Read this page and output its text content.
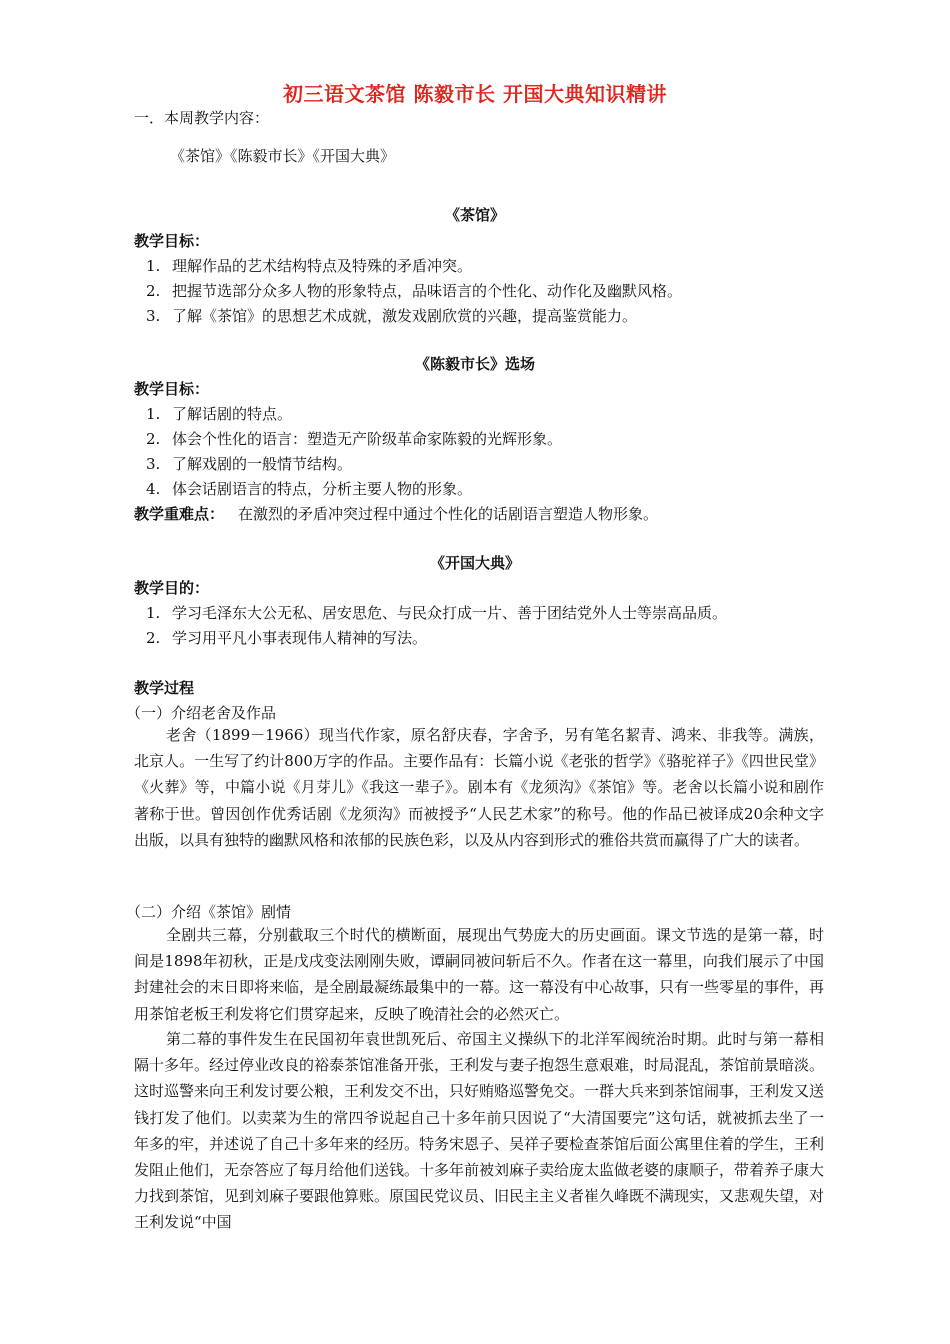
初三语文茶馆 陈毅市长 开国大典知识精讲
一．本周教学内容：
《茶馆》《陈毅市长》《开国大典》
《茶馆》
教学目标：
1. 理解作品的艺术结构特点及特殊的矛盾冲突。
2. 把握节选部分众多人物的形象特点，品味语言的个性化、动作化及幽默风格。
3. 了解《茶馆》的思想艺术成就，激发戏剧欣赏的兴趣，提高鉴赏能力。
《陈毅市长》选场
教学目标：
1. 了解话剧的特点。
2. 体会个性化的语言：塑造无产阶级革命家陈毅的光辉形象。
3. 了解戏剧的一般情节结构。
4. 体会话剧语言的特点，分析主要人物的形象。
教学重难点： 在激烈的矛盾冲突过程中通过个性化的话剧语言塑造人物形象。
《开国大典》
教学目的：
1. 学习毛泽东大公无私、居安思危、与民众打成一片、善于团结党外人士等崇高品质。
2. 学习用平凡小事表现伟人精神的写法。
教学过程
（一）介绍老舍及作品
老舍（1899－1966）现当代作家，原名舒庆春，字舍予，另有笔名絜青、鸿来、非我等。满族，北京人。一生写了约计800万字的作品。主要作品有：长篇小说《老张的哲学》《骆驼祥子》《四世民堂》《火葬》等，中篇小说《月芽儿》《我这一辈子》。剧本有《龙须沟》《茶馆》等。老舍以长篇小说和剧作著称于世。曾因创作优秀话剧《龙须沟》而被授予“人民艺术家”的称号。他的作品已被译成20余种文字出版，以具有独特的幽默风格和浓郁的民族色彩，以及从内容到形式的雅俗共赏而赢得了广大的读者。
（二）介绍《茶馆》剧情
全剧共三幕，分别截取三个时代的横断面，展现出气势庞大的历史画面。课文节选的是第一幕，时间是1898年初秋，正是戊戌变法刚刚失败，谭嗣同被问斩后不久。作者在这一幕里，向我们展示了中国封建社会的末日即将来临，是全剧最凝练最集中的一幕。这一幕没有中心故事，只有一些零星的事件，再用茶馆老板王利发将它们贯穿起来，反映了晚清社会的必然灭亡。
第二幕的事件发生在民国初年袁世凯死后、帝国主义操纵下的北洋军阀统治时期。此时与第一幕相隔十多年。经过停业改良的裕泰茶馆准备开张，王利发与妻子抱怨生意艰难，时局混乱，茶馆前景暗淡。这时巡警来向王利发讨要公粮，王利发交不出，只好贿赂巡警免交。一群大兵来到茶馆闹事，王利发又送钱打发了他们。以卖菜为生的常四爷说起自己十多年前只因说了“大清国要完”这句话，就被抓去坐了一年多的牢，并述说了自己十多年来的经历。特务宋恩子、吴祥子要检查茶馆后面公寓里住着的学生，王利发阻止他们，无奈答应了每月给他们送钱。十多年前被刘麻子卖给庞太监做老婆的康顺子，带着养子康大力找到茶馆，见到刘麻子要跟他算账。原国民党议员、旧民主主义者崔久峰既不满现实，又悲观失望，对王利发说“中国
